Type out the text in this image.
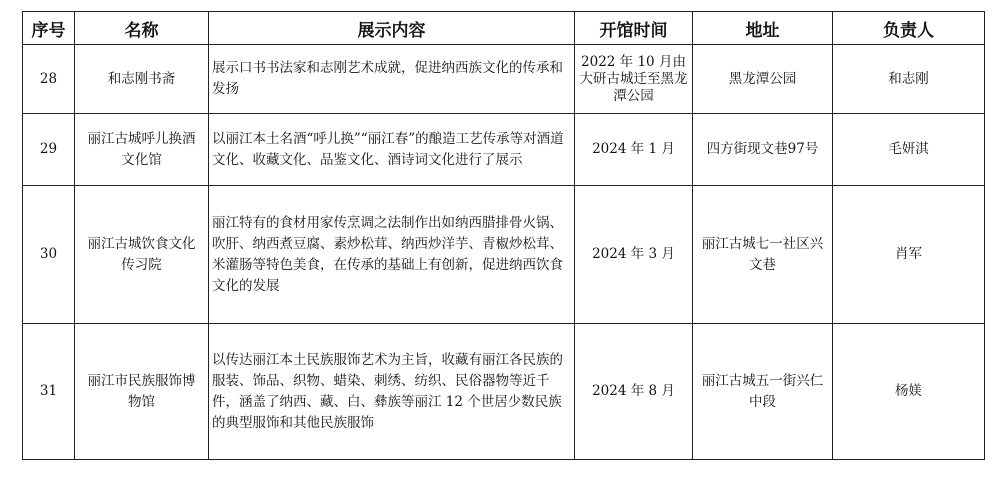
序号	名称	展示内容	开馆时间	地址	负责人
28	和志刚书斋	展示口书书法家和志刚艺术成就，促进纳西族文化的传承和发扬	2022 年 10 月由大研古城迁至黑龙潭公园	黑龙潭公园	和志刚
29	丽江古城呼儿换酒文化馆	以丽江本土名酒“呼儿换”“丽江春”的酿造工艺传承等对酒道文化、收藏文化、品鉴文化、酒诗词文化进行了展示	2024 年 1 月	四方街现文巷97号	毛妍淇
30	丽江古城饮食文化传习院	丽江特有的食材用家传烹调之法制作出如纳西腊排骨火锅、吹肝、纳西煮豆腐、素炒松茸、纳西炒洋芋、青椒炒松茸、米灌肠等特色美食，在传承的基础上有创新，促进纳西饮食文化的发展	2024 年 3 月	丽江古城七一社区兴文巷	肖军
31	丽江市民族服饰博物馆	以传达丽江本土民族服饰艺术为主旨，收藏有丽江各民族的服装、饰品、织物、蜡染、刺绣、纺织、民俗器物等近千件，涵盖了纳西、藏、白、彝族等丽江 12 个世居少数民族的典型服饰和其他民族服饰	2024 年 8 月	丽江古城五一街兴仁中段	杨媄
